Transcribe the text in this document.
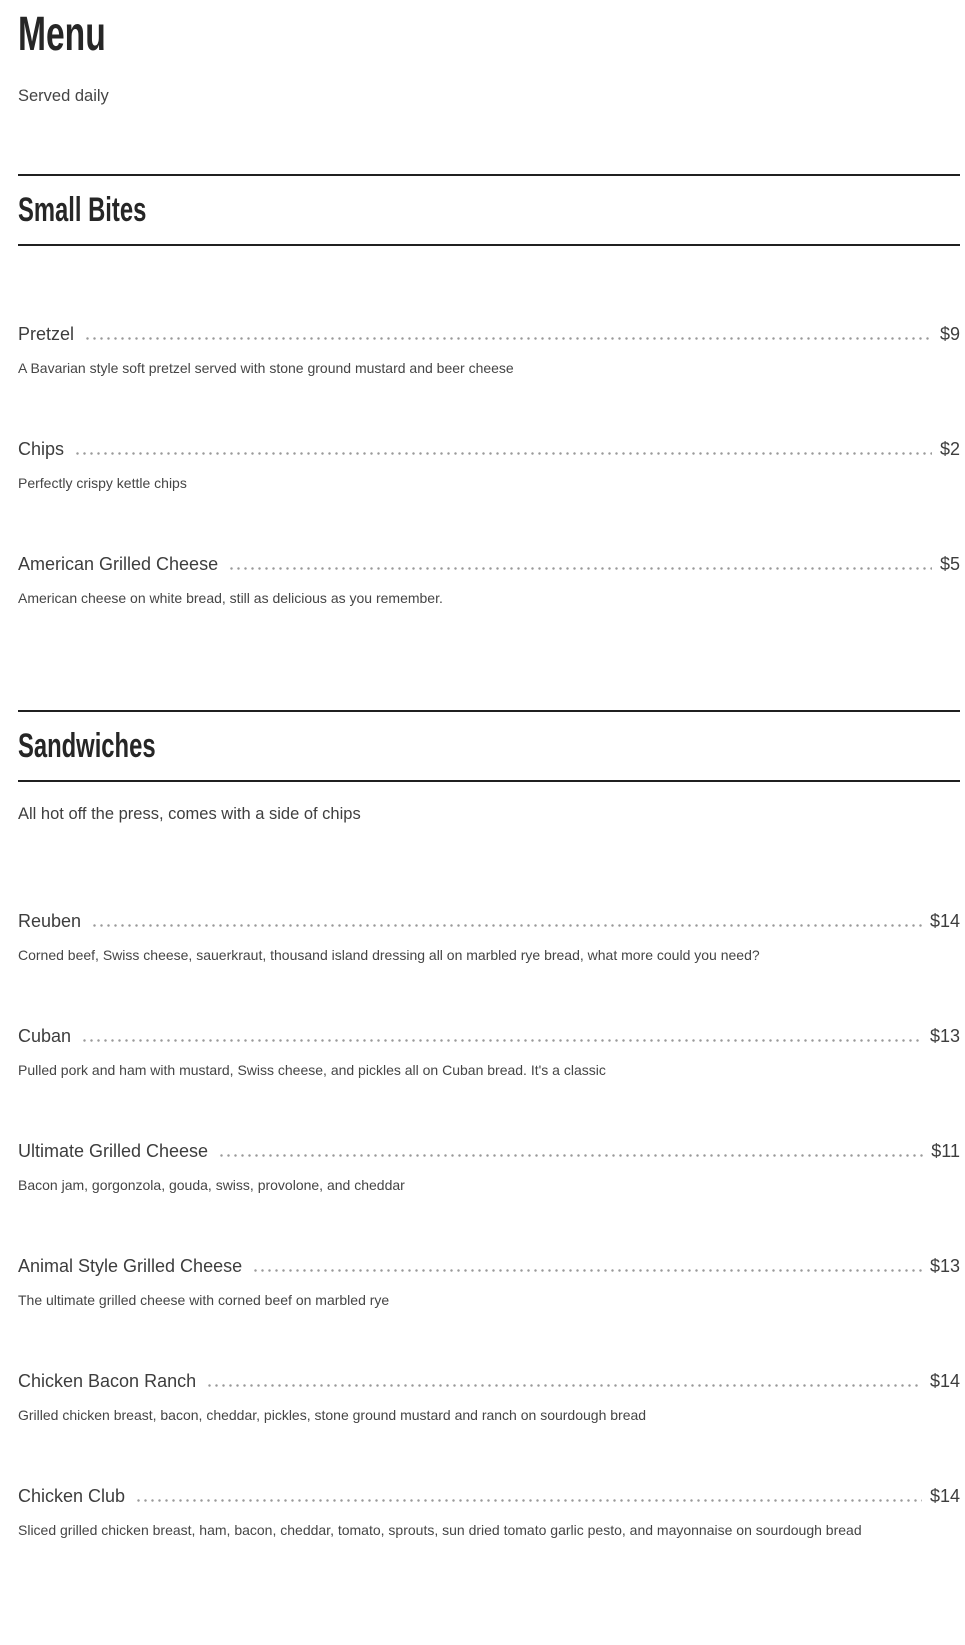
Menu

Served daily

Small Bites
Pretzel	$9

A Bavarian style soft pretzel served with stone ground mustard and beer cheese

Chips	$2

Perfectly crispy kettle chips

American Grilled Cheese	$5

American cheese on white bread, still as delicious as you remember.

Sandwiches

All hot off the press, comes with a side of chips

Reuben	$14

Corned beef, Swiss cheese, sauerkraut, thousand island dressing all on marbled rye bread, what more could you need?

Cuban	$13

Pulled pork and ham with mustard, Swiss cheese, and pickles all on Cuban bread. It's a classic

Ultimate Grilled Cheese	$11

Bacon jam, gorgonzola, gouda, swiss, provolone, and cheddar

Animal Style Grilled Cheese	$13

The ultimate grilled cheese with corned beef on marbled rye

Chicken Bacon Ranch	$14

Grilled chicken breast, bacon, cheddar, pickles, stone ground mustard and ranch on sourdough bread

Chicken Club	$14

Sliced grilled chicken breast, ham, bacon, cheddar, tomato, sprouts, sun dried tomato garlic pesto, and mayonnaise on sourdough bread
